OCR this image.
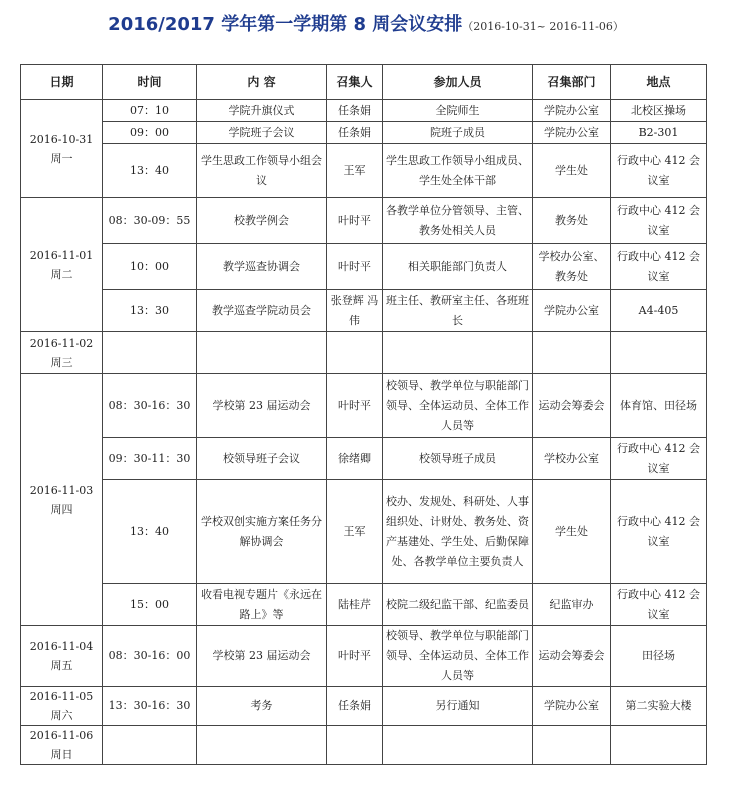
2016/2017 学年第一学期第 8 周会议安排（2016-10-31~ 2016-11-06）
日期	时间	内 容	召集人	参加人员	召集部门	地点

2016-10-31
周一	07：10	学院升旗仪式	任条娟	全院师生	学院办公室	北校区操场
	09：00	学院班子会议	任条娟	院班子成员	学院办公室	B2-301
	13：40	学生思政工作领导小组会议	王军	学生思政工作领导小组成员、学生处全体干部	学生处	行政中心 412 会议室

2016-11-01
周二	08：30-09：55	校教学例会	叶时平	各教学单位分管领导、主管、教务处相关人员	教务处	行政中心 412 会议室
	10：00	教学巡查协调会	叶时平	相关职能部门负责人	学校办公室、教务处	行政中心 412 会议室
	13：30	教学巡查学院动员会	张登辉 冯伟	班主任、教研室主任、各班班长	学院办公室	A4-405

2016-11-02
周三						

2016-11-03
周四	08：30-16：30	学校第 23 届运动会	叶时平	校领导、教学单位与职能部门领导、全体运动员、全体工作人员等	运动会筹委会	体育馆、田径场
	09：30-11：30	校领导班子会议	徐绪卿	校领导班子成员	学校办公室	行政中心 412 会议室
	13：40	学校双创实施方案任务分解协调会	王军	校办、发规处、科研处、人事组织处、计财处、教务处、资产基建处、学生处、后勤保障处、各教学单位主要负责人	学生处	行政中心 412 会议室
	15：00	收看电视专题片《永远在路上》等	陆桂芹	校院二级纪监干部、纪监委员	纪监审办	行政中心 412 会议室

2016-11-04
周五	08：30-16：00	学校第 23 届运动会	叶时平	校领导、教学单位与职能部门领导、全体运动员、全体工作人员等	运动会筹委会	田径场

2016-11-05
周六	13：30-16：30	考务	任条娟	另行通知	学院办公室	第二实验大楼

2016-11-06
周日						
